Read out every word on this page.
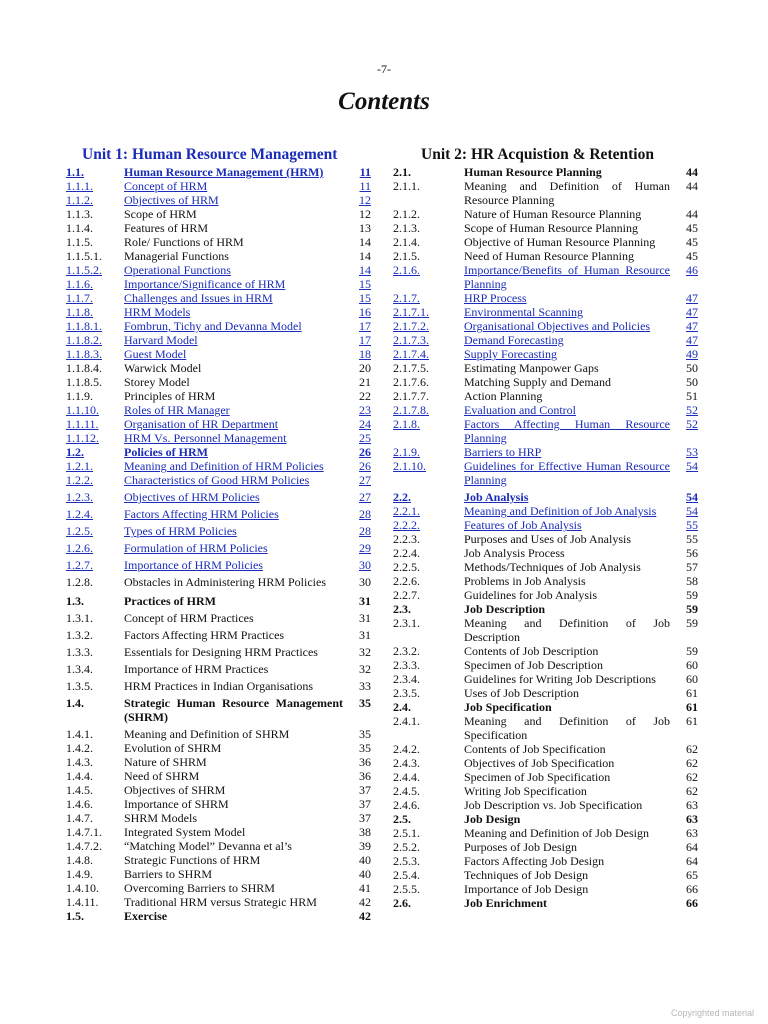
-7-
Contents
Unit 1: Human Resource Management
1.1.	Human Resource Management (HRM)	11
1.1.1.	Concept of HRM	11
1.1.2.	Objectives of HRM	12
1.1.3.	Scope of HRM	12
1.1.4.	Features of HRM	13
1.1.5.	Role/ Functions of HRM	14
1.1.5.1. Managerial Functions	14
1.1.5.2. Operational Functions	14
1.1.6.	Importance/Significance of HRM	15
1.1.7.	Challenges and Issues in HRM	15
1.1.8.	HRM Models	16
1.1.8.1. Fombrun, Tichy and Devanna Model	17
1.1.8.2. Harvard Model	17
1.1.8.3. Guest Model	18
1.1.8.4. Warwick Model	20
1.1.8.5. Storey Model	21
1.1.9.	Principles of HRM	22
1.1.10. Roles of HR Manager	23
1.1.11. Organisation of HR Department	24
1.1.12. HRM Vs. Personnel Management	25
1.2.	Policies of HRM	26
1.2.1.	Meaning and Definition of HRM Policies	26
1.2.2.	Characteristics of Good HRM Policies	27
1.2.3.	Objectives of HRM Policies	27
1.2.4.	Factors Affecting HRM Policies	28
1.2.5.	Types of HRM Policies	28
1.2.6.	Formulation of HRM Policies	29
1.2.7.	Importance of HRM Policies	30
1.2.8.	Obstacles in Administering HRM Policies	30
1.3.	Practices of HRM	31
1.3.1.	Concept of HRM Practices	31
1.3.2.	Factors Affecting HRM Practices	31
1.3.3.	Essentials for Designing HRM Practices	32
1.3.4.	Importance of HRM Practices	32
1.3.5.	HRM Practices in Indian Organisations	33
1.4.	Strategic Human Resource Management (SHRM)
35
1.4.1.	Meaning and Definition of SHRM	35
1.4.2.	Evolution of SHRM	35
1.4.3.	Nature of SHRM	36
1.4.4.	Need of SHRM	36
1.4.5.	Objectives of SHRM	37
1.4.6.	Importance of SHRM	37
1.4.7.	SHRM Models	37
1.4.7.1. Integrated System Model	38
1.4.7.2. “Matching Model” Devanna et al’s	39
1.4.8.	Strategic Functions of HRM	40
1.4.9.	Barriers to SHRM	40
1.4.10. Overcoming Barriers to SHRM	41
1.4.11. Traditional HRM versus Strategic HRM	42
1.5.	Exercise	42
Unit 2: HR Acquistion & Retention
2.1.	Human Resource Planning	44
2.1.1.	Meaning and Definition of Human Resource Planning
44
2.1.2.	Nature of Human Resource Planning	44
2.1.3.	Scope of Human Resource Planning	45
2.1.4.	Objective of Human Resource Planning	45
2.1.5.	Need of Human Resource Planning	45
2.1.6.	Importance/Benefits of Human Resource Planning
46
2.1.7.	HRP Process	47
2.1.7.1.	Environmental Scanning	47
2.1.7.2.	Organisational Objectives and Policies	47
2.1.7.3.	Demand Forecasting	47
2.1.7.4.	Supply Forecasting	49
2.1.7.5.	Estimating Manpower Gaps	50
2.1.7.6.	Matching Supply and Demand	50
2.1.7.7.	Action Planning	51
2.1.7.8.	Evaluation and Control	52
2.1.8.	Factors Affecting Human Resource Planning
52
2.1.9.	Barriers to HRP	53
2.1.10.	Guidelines for Effective Human Resource Planning
54
2.2.	Job Analysis	54
2.2.1.	Meaning and Definition of Job Analysis	54
2.2.2.	Features of Job Analysis	55
2.2.3.	Purposes and Uses of Job Analysis	55
2.2.4.	Job Analysis Process	56
2.2.5.	Methods/Techniques of Job Analysis	57
2.2.6.	Problems in Job Analysis	58
2.2.7.	Guidelines for Job Analysis	59
2.3.	Job Description	59
2.3.1.	Meaning and Definition of Job Description
59
2.3.2.	Contents of Job Description	59
2.3.3.	Specimen of Job Description	60
2.3.4.	Guidelines for Writing Job Descriptions	60
2.3.5.	Uses of Job Description	61
2.4.	Job Specification	61
2.4.1.	Meaning and Definition of Job Specification
61
2.4.2.	Contents of Job Specification	62
2.4.3.	Objectives of Job Specification	62
2.4.4.	Specimen of Job Specification	62
2.4.5.	Writing Job Specification	62
2.4.6.	Job Description vs. Job Specification	63
2.5.	Job Design	63
2.5.1.	Meaning and Definition of Job Design	63
2.5.2.	Purposes of Job Design	64
2.5.3.	Factors Affecting Job Design	64
2.5.4.	Techniques of Job Design	65
2.5.5.	Importance of Job Design	66
2.6.	Job Enrichment	66
Copyrighted material
